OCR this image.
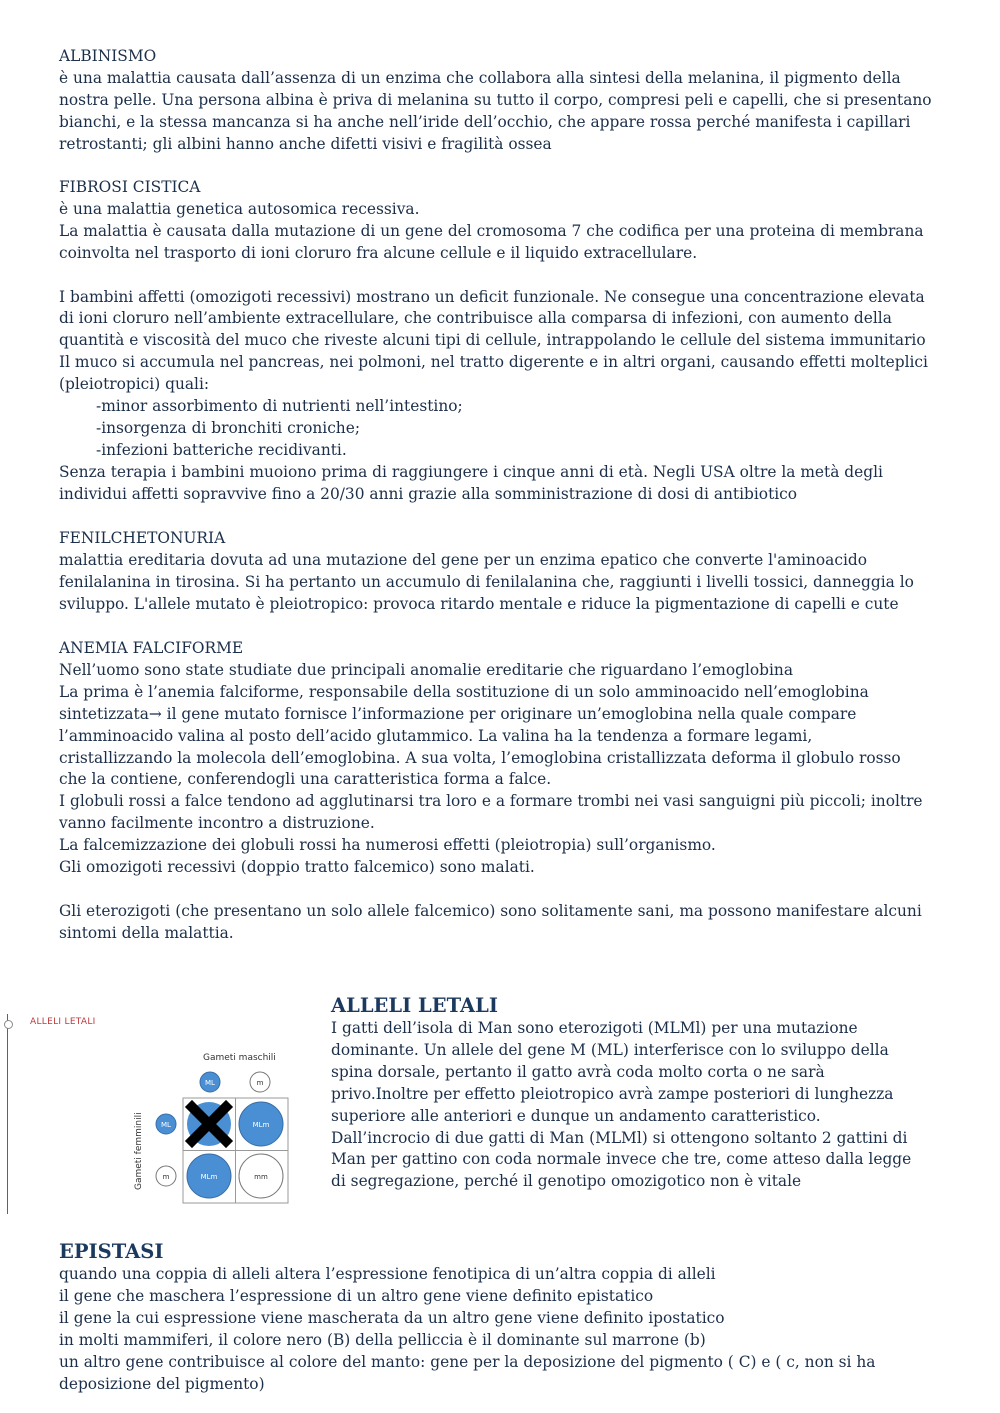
ALBINISMO

è una malattia causata dall’assenza di un enzima che collabora alla sintesi della melanina, il pigmento della

nostra pelle. Una persona albina è priva di melanina su tutto il corpo, compresi peli e capelli, che si presentano

bianchi, e la stessa mancanza si ha anche nell’iride dell’occhio, che appare rossa perché manifesta i capillari

retrostanti; gli albini hanno anche difetti visivi e fragilità ossea

FIBROSI CISTICA

è una malattia genetica autosomica recessiva.

La malattia è causata dalla mutazione di un gene del cromosoma 7 che codifica per una proteina di membrana

coinvolta nel trasporto di ioni cloruro fra alcune cellule e il liquido extracellulare.

I bambini affetti (omozigoti recessivi) mostrano un deficit funzionale. Ne consegue una concentrazione elevata

di ioni cloruro nell’ambiente extracellulare, che contribuisce alla comparsa di infezioni, con aumento della

quantità e viscosità del muco che riveste alcuni tipi di cellule, intrappolando le cellule del sistema immunitario

Il muco si accumula nel pancreas, nei polmoni, nel tratto digerente e in altri organi, causando effetti molteplici

(pleiotropici) quali:

-minor assorbimento di nutrienti nell’intestino;

-insorgenza di bronchiti croniche;

-infezioni batteriche recidivanti.

Senza terapia i bambini muoiono prima di raggiungere i cinque anni di età. Negli USA oltre la metà degli

individui affetti sopravvive fino a 20/30 anni grazie alla somministrazione di dosi di antibiotico

FENILCHETONURIA

malattia ereditaria dovuta ad una mutazione del gene per un enzima epatico che converte l'aminoacido

fenilalanina in tirosina. Si ha pertanto un accumulo di fenilalanina che, raggiunti i livelli tossici, danneggia lo

sviluppo. L'allele mutato è pleiotropico: provoca ritardo mentale e riduce la pigmentazione di capelli e cute

ANEMIA FALCIFORME

Nell’uomo sono state studiate due principali anomalie ereditarie che riguardano l’emoglobina

La prima è l’anemia falciforme, responsabile della sostituzione di un solo amminoacido nell’emoglobina

sintetizzata→ il gene mutato fornisce l’informazione per originare un’emoglobina nella quale compare

l’amminoacido valina al posto dell’acido glutammico. La valina ha la tendenza a formare legami,

cristallizzando la molecola dell’emoglobina. A sua volta, l’emoglobina cristallizzata deforma il globulo rosso

che la contiene, conferendogli una caratteristica forma a falce.

I globuli rossi a falce tendono ad agglutinarsi tra loro e a formare trombi nei vasi sanguigni più piccoli; inoltre

vanno facilmente incontro a distruzione.

La falcemizzazione dei globuli rossi ha numerosi effetti (pleiotropia) sull’organismo.

Gli omozigoti recessivi (doppio tratto falcemico) sono malati.

Gli eterozigoti (che presentano un solo allele falcemico) sono solitamente sani, ma possono manifestare alcuni

sintomi della malattia.

ALLELI LETALI
Gameti maschili
Gameti femminili
ML	m
ML
m
MLm
MLm	mm

ALLELI LETALI

I gatti dell’isola di Man sono eterozigoti (MLMl) per una mutazione

dominante. Un allele del gene M (ML) interferisce con lo sviluppo della

spina dorsale, pertanto il gatto avrà coda molto corta o ne sarà

privo.Inoltre per effetto pleiotropico avrà zampe posteriori di lunghezza

superiore alle anteriori e dunque un andamento caratteristico.

Dall’incrocio di due gatti di Man (MLMl) si ottengono soltanto 2 gattini di

Man per gattino con coda normale invece che tre, come atteso dalla legge

di segregazione, perché il genotipo omozigotico non è vitale

EPISTASI

quando una coppia di alleli altera l’espressione fenotipica di un’altra coppia di alleli

il gene che maschera l’espressione di un altro gene viene definito epistatico

il gene la cui espressione viene mascherata da un altro gene viene definito ipostatico

in molti mammiferi, il colore nero (B) della pelliccia è il dominante sul marrone (b)

un altro gene contribuisce al colore del manto: gene per la deposizione del pigmento ( C) e ( c, non si ha

deposizione del pigmento)
